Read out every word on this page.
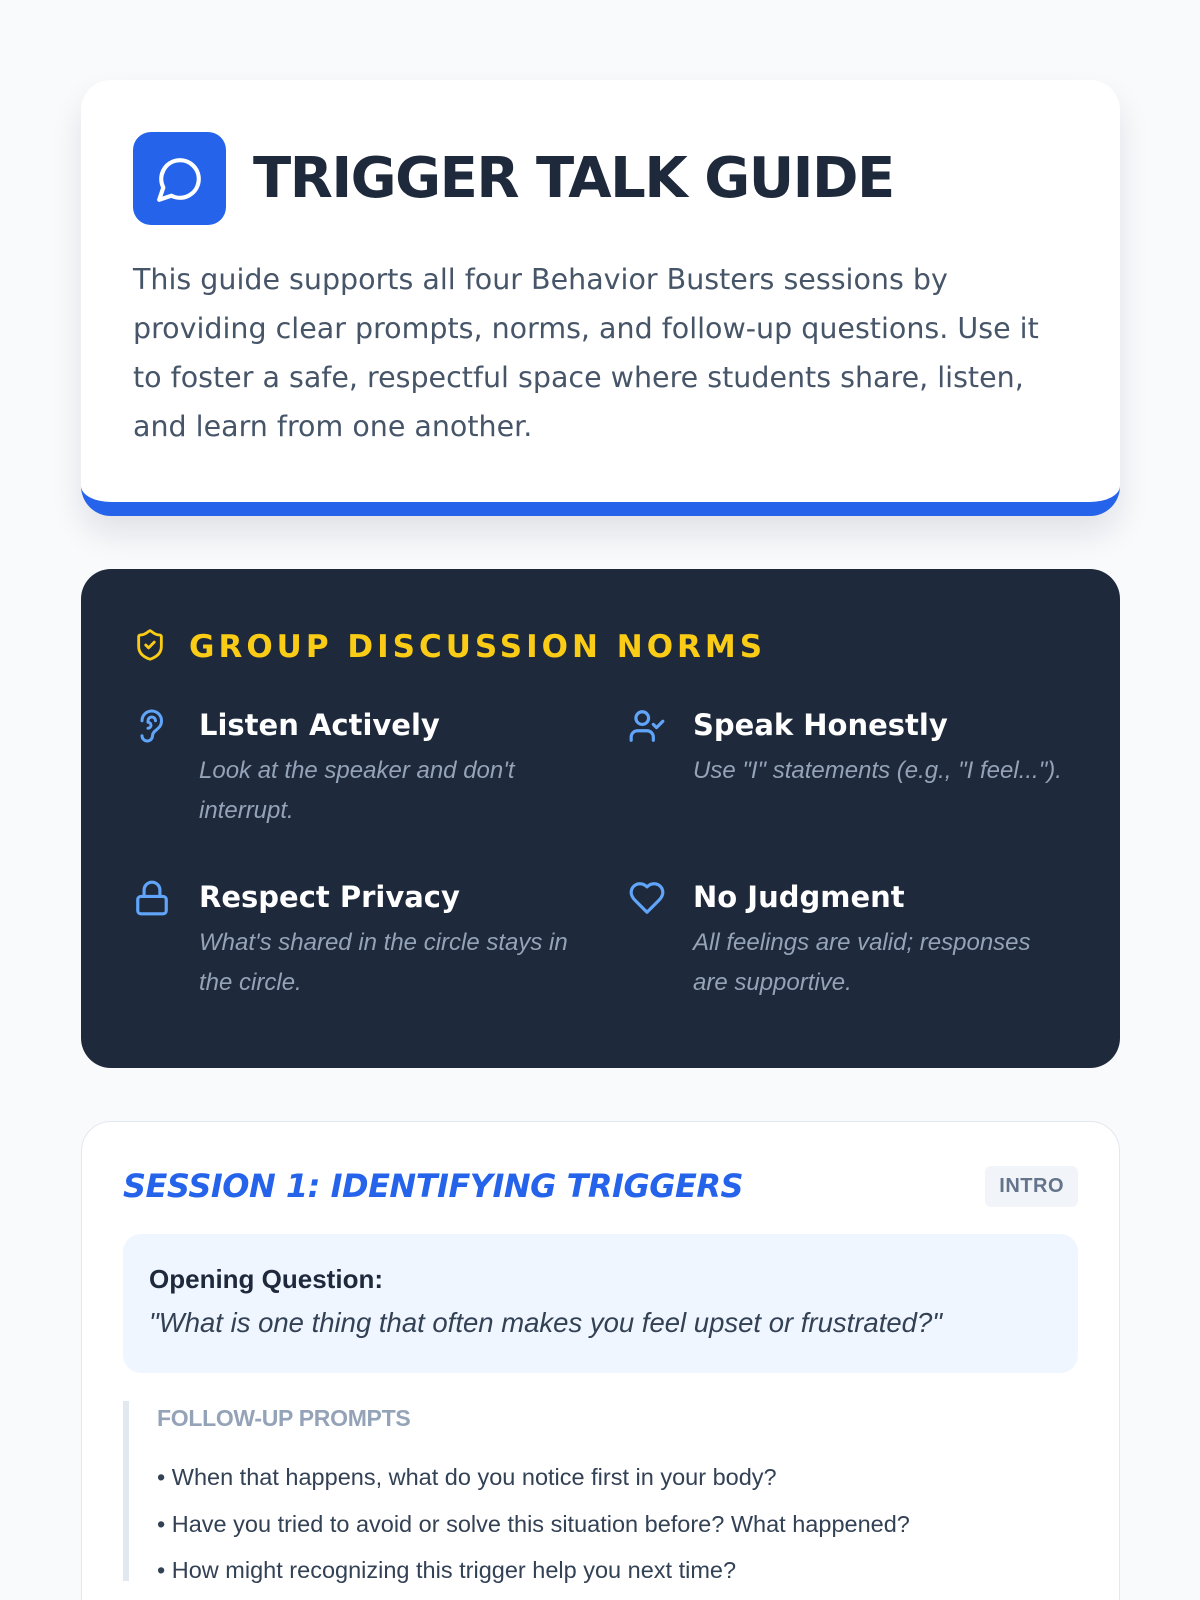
TRIGGER TALK GUIDE

This guide supports all four Behavior Busters sessions by providing clear prompts, norms, and follow-up questions. Use it to foster a safe, respectful space where students share, listen, and learn from one another.

GROUP DISCUSSION NORMS
Listen Actively
Look at the speaker and don't interrupt.
Speak Honestly
Use "I" statements (e.g., "I feel...").
Respect Privacy
What's shared in the circle stays in the circle.
No Judgment
All feelings are valid; responses are supportive.
SESSION 1: IDENTIFYING TRIGGERS	INTRO
Opening Question:
"What is one thing that often makes you feel upset or frustrated?"
FOLLOW-UP PROMPTS
• When that happens, what do you notice first in your body?
• Have you tried to avoid or solve this situation before? What happened?
• How might recognizing this trigger help you next time?
